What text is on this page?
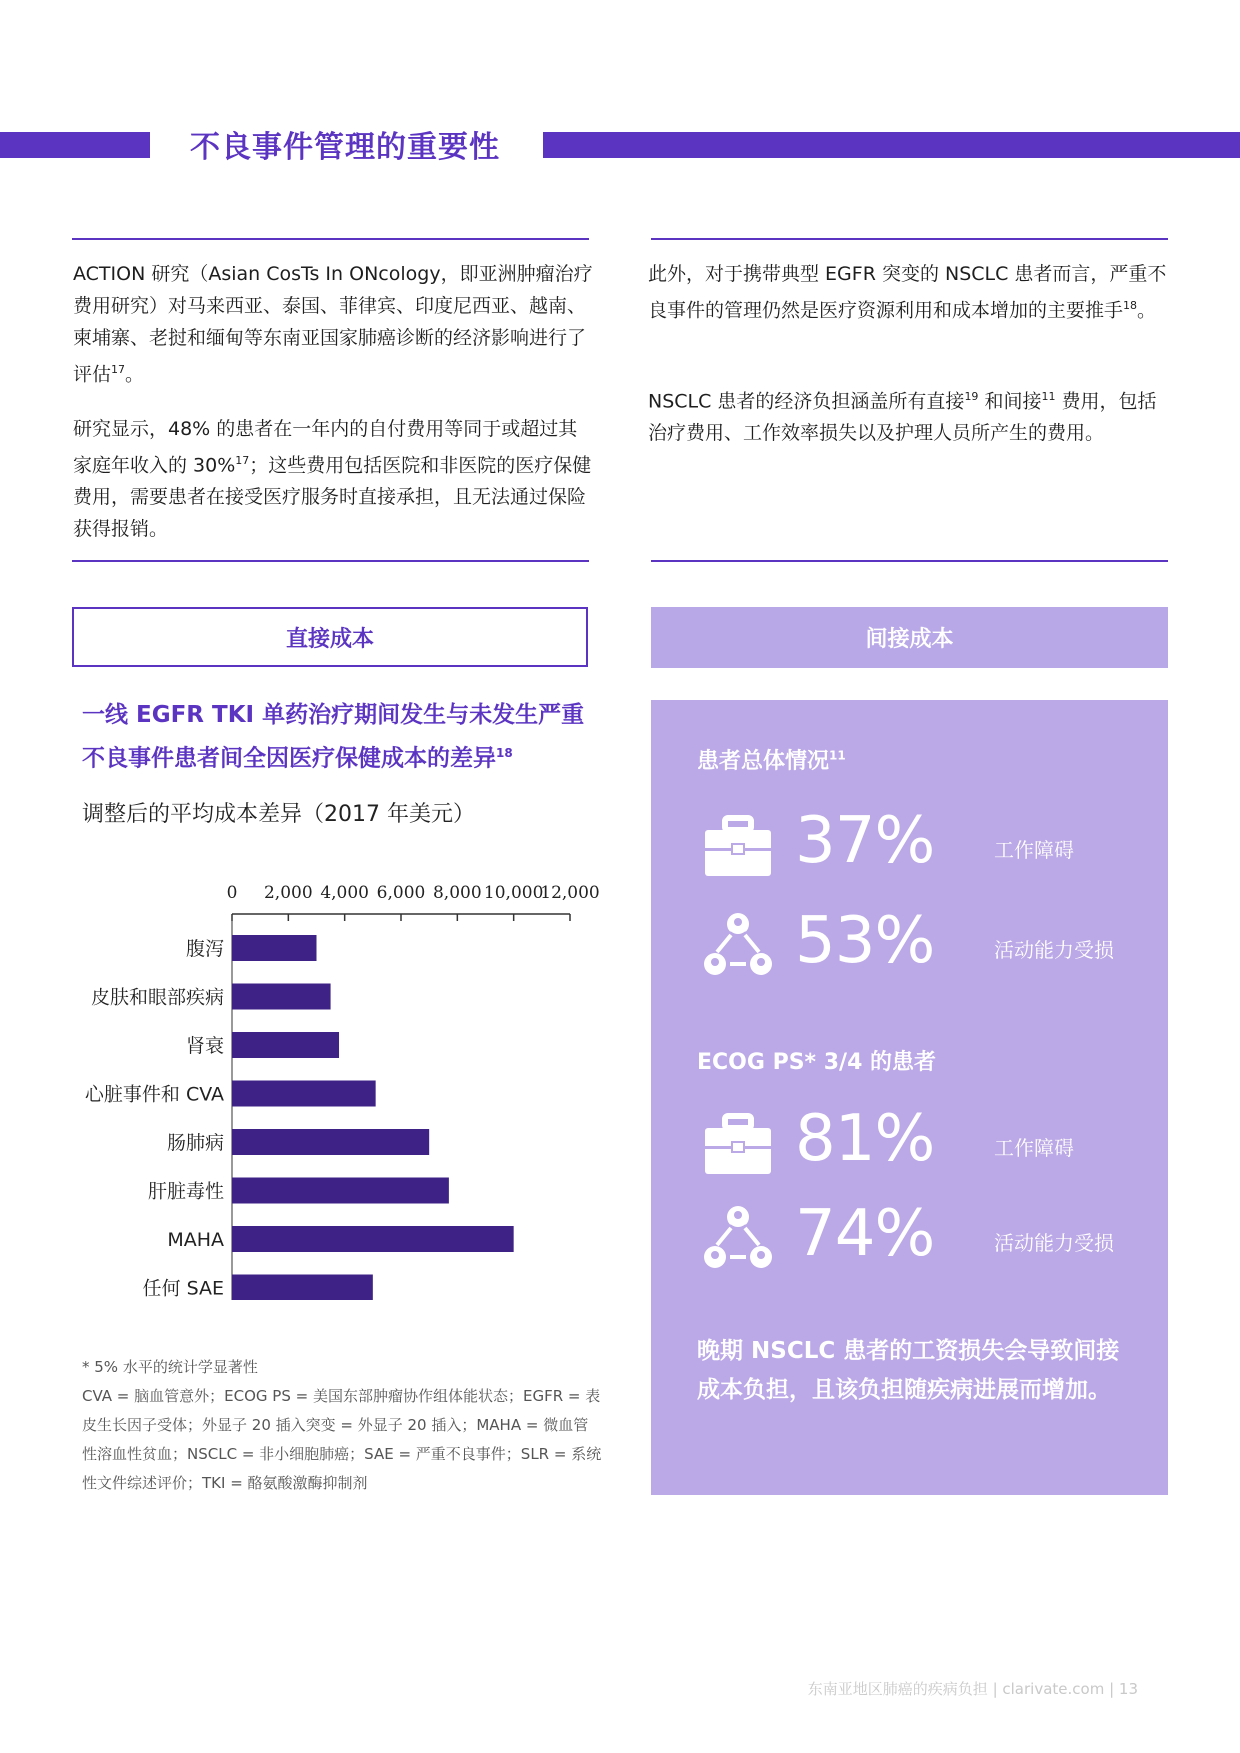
不良事件管理的重要性
ACTION 研究（Asian CosTs In ONcology，即亚洲肿瘤治疗费用研究）对马来西亚、泰国、菲律宾、印度尼西亚、越南、柬埔寨、老挝和缅甸等东南亚国家肺癌诊断的经济影响进行了评估$^{17}$。
研究显示，48% 的患者在一年内的自付费用等同于或超过其家庭年收入的 30%$^{17}$；这些费用包括医院和非医院的医疗保健费用，需要患者在接受医疗服务时直接承担，且无法通过保险获得报销。
此外，对于携带典型 EGFR 突变的 NSCLC 患者而言，严重不良事件的管理仍然是医疗资源利用和成本增加的主要推手$^{18}$。
NSCLC 患者的经济负担涵盖所有直接$^{19}$ 和间接$^{11}$ 费用，包括治疗费用、工作效率损失以及护理人员所产生的费用。
直接成本	间接成本
一线 EGFR TKI 单药治疗期间发生与未发生严重不良事件患者间全因医疗保健成本的差异$^{18}$
调整后的平均成本差异（2017 年美元）
0 2,000 4,000 6,000 8,000 10,000
12,000
腹泻
皮肤和眼部疾病
肾衰
心脏事件和 CVA
肠肺病
肝脏毒性
MAHA
任何 SAE
* 5% 水平的统计学显著性
CVA = 脑血管意外；ECOG PS = 美国东部肿瘤协作组体能状态；EGFR = 表皮生长因子受体；外显子 20 插入突变 = 外显子 20 插入；MAHA = 微血管性溶血性贫血；NSCLC = 非小细胞肺癌；SAE = 严重不良事件；SLR = 系统性文件综述评价；TKI = 酪氨酸激酶抑制剂
患者总体情况$^{11}$
37%	工作障碍
53%	活动能力受损
ECOG PS* 3/4 的患者
81%	工作障碍
74%	活动能力受损
晚期 NSCLC 患者的工资损失会导致间接成本负担，且该负担随疾病进展而增加。
东南亚地区肺癌的疾病负担 | clarivate.com | 13
